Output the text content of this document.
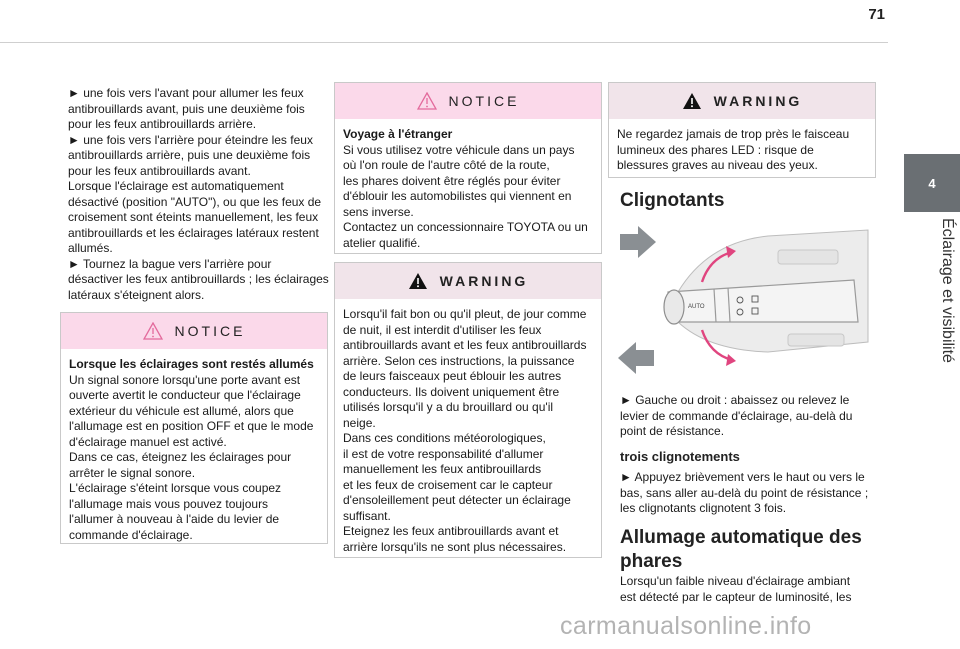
71
4
Éclairage et visibilité
► une fois vers l'avant pour allumer les feux
antibrouillards avant, puis une deuxième fois
pour les feux antibrouillards arrière.
► une fois vers l'arrière pour éteindre les feux
antibrouillards arrière, puis une deuxième fois
pour les feux antibrouillards avant.
Lorsque l'éclairage est automatiquement
désactivé (position "AUTO"), ou que les feux de
croisement sont éteints manuellement, les feux
antibrouillards et les éclairages latéraux restent
allumés.
► Tournez la bague vers l'arrière pour
désactiver les feux antibrouillards ; les éclairages
latéraux s'éteignent alors.
NOTICE
Lorsque les éclairages sont restés allumés
Un signal sonore lorsqu'une porte avant est
ouverte avertit le conducteur que l'éclairage
extérieur du véhicule est allumé, alors que
l'allumage est en position OFF et que le mode
d'éclairage manuel est activé.
Dans ce cas, éteignez les éclairages pour
arrêter le signal sonore.
L'éclairage s'éteint lorsque vous coupez
l'allumage mais vous pouvez toujours
l'allumer à nouveau à l'aide du levier de
commande d'éclairage.
NOTICE
Voyage à l'étranger
Si vous utilisez votre véhicule dans un pays
où l'on roule de l'autre côté de la route,
les phares doivent être réglés pour éviter
d'éblouir les automobilistes qui viennent en
sens inverse.
Contactez un concessionnaire TOYOTA ou un
atelier qualifié.
WARNING
Lorsqu'il fait bon ou qu'il pleut, de jour comme
de nuit, il est interdit d'utiliser les feux
antibrouillards avant et les feux antibrouillards
arrière. Selon ces instructions, la puissance
de leurs faisceaux peut éblouir les autres
conducteurs. Ils doivent uniquement être
utilisés lorsqu'il y a du brouillard ou qu'il
neige.
Dans ces conditions météorologiques,
il est de votre responsabilité d'allumer
manuellement les feux antibrouillards
et les feux de croisement car le capteur
d'ensoleillement peut détecter un éclairage
suffisant.
Eteignez les feux antibrouillards avant et
arrière lorsqu'ils ne sont plus nécessaires.
WARNING
Ne regardez jamais de trop près le faisceau
lumineux des phares LED : risque de
blessures graves au niveau des yeux.
Clignotants
AUTO
► Gauche ou droit : abaissez ou relevez le
levier de commande d'éclairage, au-delà du
point de résistance.
trois clignotements
► Appuyez brièvement vers le haut ou vers le
bas, sans aller au-delà du point de résistance ;
les clignotants clignotent 3 fois.
Allumage automatique des
phares
Lorsqu'un faible niveau d'éclairage ambiant
est détecté par le capteur de luminosité, les
carmanualsonline.info
